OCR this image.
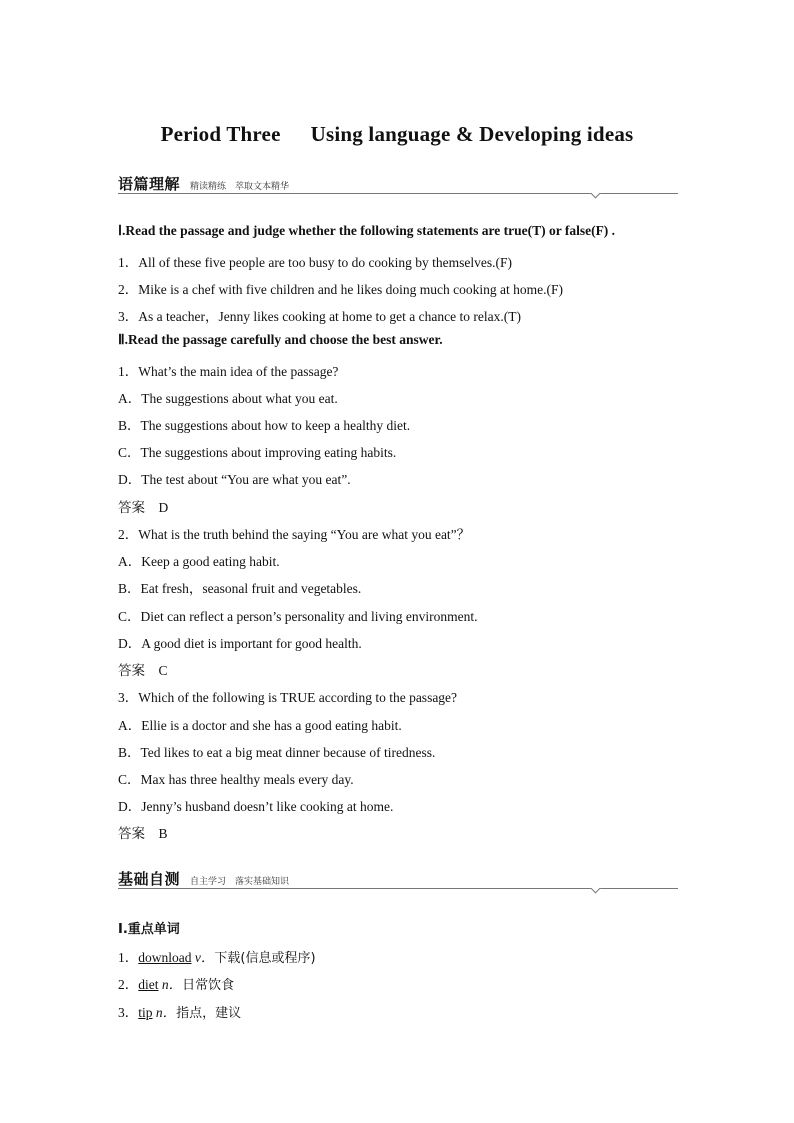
Period Three Using language & Developing ideas
语篇理解 精读精练　萃取文本精华
Ⅰ.Read the passage and judge whether the following statements are true(T) or false(F) .
1．All of these five people are too busy to do cooking by themselves.(F)
2．Mike is a chef with five children and he likes doing much cooking at home.(F)
3．As a teacher，Jenny likes cooking at home to get a chance to relax.(T)
Ⅱ.Read the passage carefully and choose the best answer.
1．What’s the main idea of the passage?
A．The suggestions about what you eat.
B．The suggestions about how to keep a healthy diet.
C．The suggestions about improving eating habits.
D．The test about “You are what you eat”.
答案　D
2．What is the truth behind the saying “You are what you eat”？
A．Keep a good eating habit.
B．Eat fresh，seasonal fruit and vegetables.
C．Diet can reflect a person’s personality and living environment.
D．A good diet is important for good health.
答案　C
3．Which of the following is TRUE according to the passage?
A．Ellie is a doctor and she has a good eating habit.
B．Ted likes to eat a big meat dinner because of tiredness.
C．Max has three healthy meals every day.
D．Jenny’s husband doesn’t like cooking at home.
答案　B
基础自测 自主学习　落实基础知识
Ⅰ.重点单词
1．download v．下载(信息或程序)
2．diet n．日常饮食
3．tip n．指点，建议
